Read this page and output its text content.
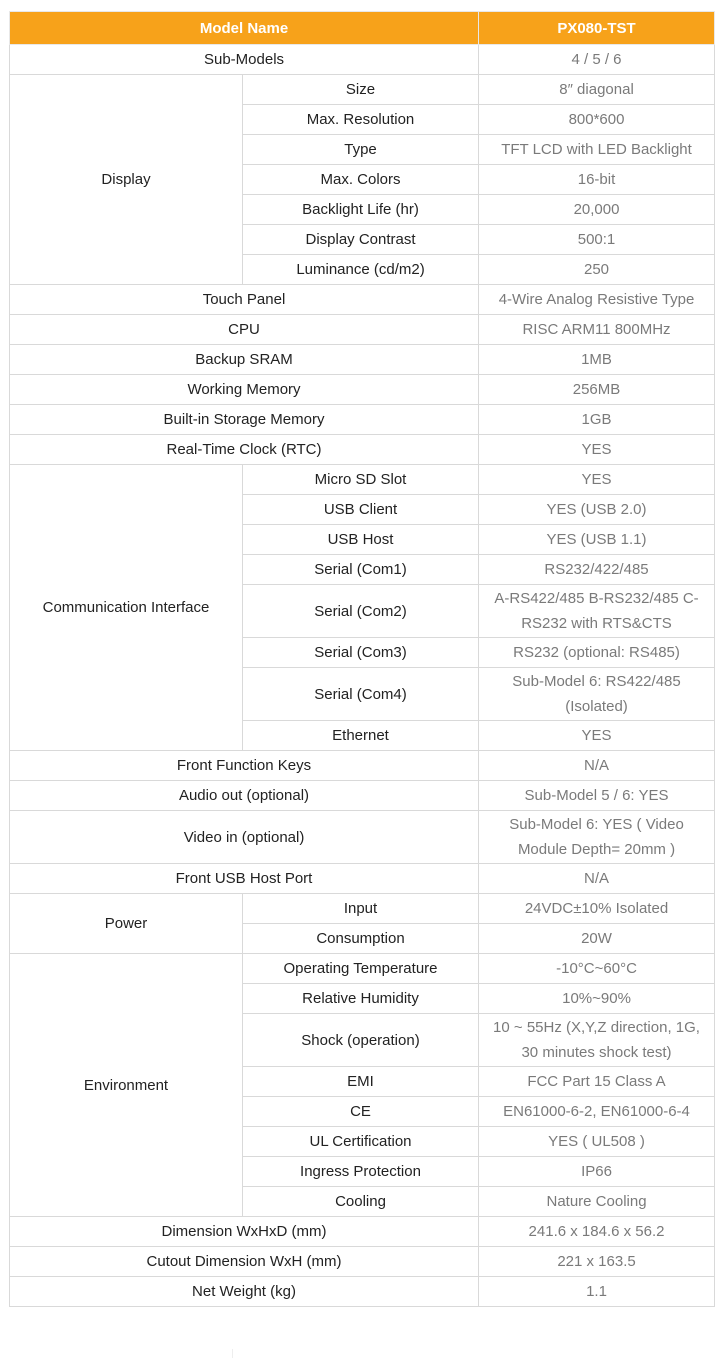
Model Name		PX080-TST
Sub-Models		4 / 5 / 6
Display	Size	8″ diagonal
	Max. Resolution	800*600
	Type	TFT LCD with LED Backlight
	Max. Colors	16-bit
	Backlight Life (hr)	20,000
	Display Contrast	500:1
	Luminance (cd/m2)	250
Touch Panel		4-Wire Analog Resistive Type
CPU		RISC ARM11 800MHz
Backup SRAM		1MB
Working Memory		256MB
Built-in Storage Memory		1GB
Real-Time Clock (RTC)		YES
Communication Interface	Micro SD Slot	YES
	USB Client	YES (USB 2.0)
	USB Host	YES (USB 1.1)
	Serial (Com1)	RS232/422/485
	Serial (Com2)	A-RS422/485 B-RS232/485 C-RS232 with RTS&CTS
	Serial (Com3)	RS232 (optional: RS485)
	Serial (Com4)	Sub-Model 6: RS422/485 (Isolated)
	Ethernet	YES
Front Function Keys		N/A
Audio out (optional)		Sub-Model 5 / 6: YES
Video in (optional)		Sub-Model 6: YES ( Video Module Depth= 20mm )
Front USB Host Port		N/A
Power	Input	24VDC±10% Isolated
	Consumption	20W
Environment	Operating Temperature	-10°C~60°C
	Relative Humidity	10%~90%
	Shock (operation)	10 ~ 55Hz (X,Y,Z direction, 1G, 30 minutes shock test)
	EMI	FCC Part 15 Class A
	CE	EN61000-6-2, EN61000-6-4
	UL Certification	YES ( UL508 )
	Ingress Protection	IP66
	Cooling	Nature Cooling
Dimension WxHxD (mm)		241.6 x 184.6 x 56.2
Cutout Dimension WxH (mm)		221 x 163.5
Net Weight (kg)		1.1
